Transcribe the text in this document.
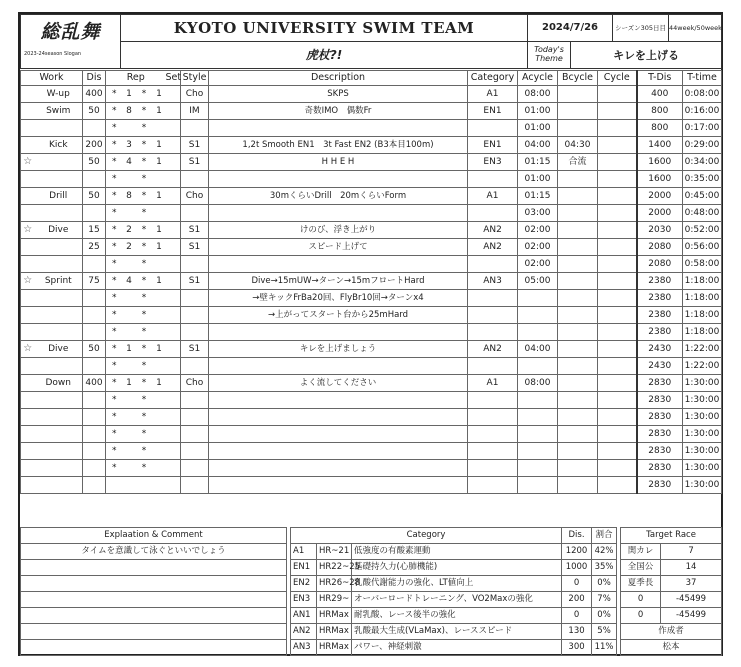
総乱舞
2023-24season Slogan	KYOTO UNIVERSITY SWIM TEAM	2024/7/26		シーズン305日目	44week/50week
	虎杖?!	Today's Theme	キレを上げる		
Work		Dis	Rep				Set	Style	Description	Category	Acycle	Bcycle	Cycle	T-Dis	T-time
	W-up	400	*	1	*	1		Cho	SKPS	A1	08:00			400	0:08:00
	Swim	50	*	8	*	1		IM	奇数IMO　偶数Fr	EN1	01:00			800	0:16:00
			*		*						01:00			800	0:17:00
	Kick	200	*	3	*	1		S1	1,2t Smooth EN1　3t Fast EN2 (B3本目100m)	EN1	04:00	04:30		1400	0:29:00
☆		50	*	4	*	1		S1	H H E H	EN3	01:15	合流		1600	0:34:00
			*		*						01:00			1600	0:35:00
	Drill	50	*	8	*	1		Cho	30mくらいDrill　20mくらいForm	A1	01:15			2000	0:45:00
			*		*						03:00			2000	0:48:00
☆	Dive	15	*	2	*	1		S1	けのび、浮き上がり	AN2	02:00			2030	0:52:00
		25	*	2	*	1		S1	スピード上げて	AN2	02:00			2080	0:56:00
			*		*						02:00			2080	0:58:00
☆	Sprint	75	*	4	*	1		S1	Dive→15mUW→ターン→15mフロートHard	AN3	05:00			2380	1:18:00
			*		*				→壁キックFrBa20回、FlyBr10回→ターンx4					2380	1:18:00
			*		*				→上がってスタート台から25mHard					2380	1:18:00
			*		*									2380	1:18:00
☆	Dive	50	*	1	*	1		S1	キレを上げましょう	AN2	04:00			2430	1:22:00
			*		*									2430	1:22:00
	Down	400	*	1	*	1		Cho	よく流してください	A1	08:00			2830	1:30:00
			*		*									2830	1:30:00
			*		*									2830	1:30:00
			*		*									2830	1:30:00
			*		*									2830	1:30:00
			*		*									2830	1:30:00
														2830	1:30:00
Explaation & Comment		Category			Dis.	割合		Target Race	
タイムを意識して泳ぐといいでしょう		A1	HR~21	低強度の有酸素運動	1200	42%		関カレ	7
		EN1	HR22~25	基礎持久力(心肺機能)	1000	35%		全国公	14
		EN2	HR26~28	乳酸代謝能力の強化、LT値向上	0	0%		夏季長	37
		EN3	HR29~	オーバーロードトレーニング、VO2Maxの強化	200	7%		0	-45499
		AN1	HRMax	耐乳酸、レース後半の強化	0	0%		0	-45499
		AN2	HRMax	乳酸最大生成(VLaMax)、レーススピード	130	5%		作成者	
		AN3	HRMax	パワー、神経刺激	300	11%		松本	
